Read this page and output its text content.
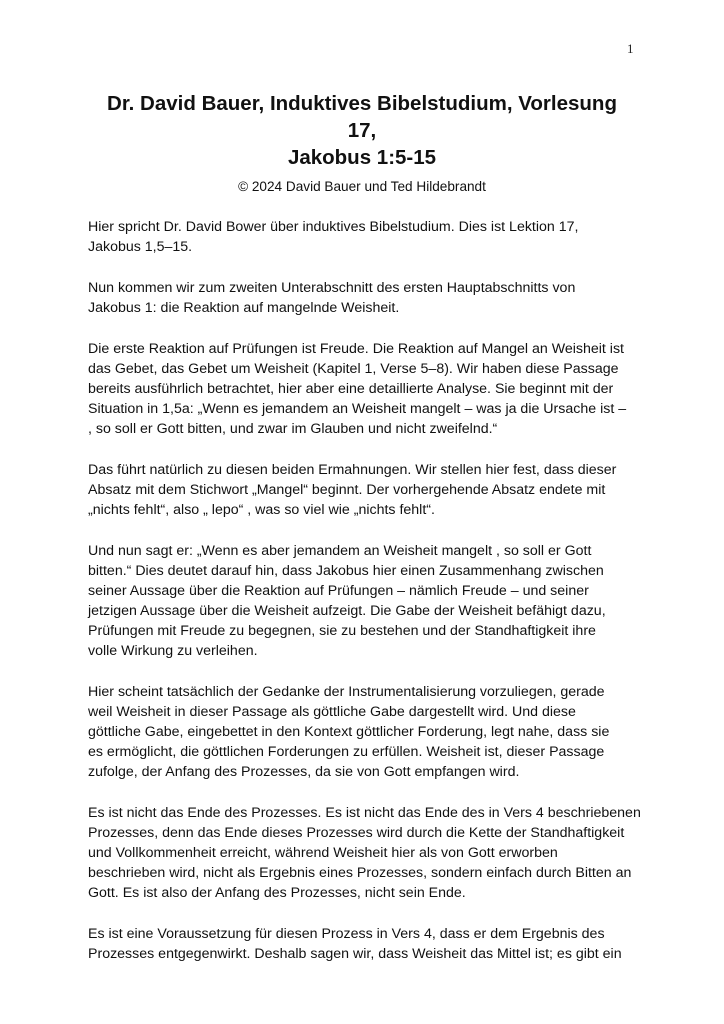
1
Dr. David Bauer, Induktives Bibelstudium, Vorlesung
17,
Jakobus 1:5-15
© 2024 David Bauer und Ted Hildebrandt

Hier spricht Dr. David Bower über induktives Bibelstudium. Dies ist Lektion 17,
Jakobus 1,5–15.

Nun kommen wir zum zweiten Unterabschnitt des ersten Hauptabschnitts von
Jakobus 1: die Reaktion auf mangelnde Weisheit.

Die erste Reaktion auf Prüfungen ist Freude. Die Reaktion auf Mangel an Weisheit ist
das Gebet, das Gebet um Weisheit (Kapitel 1, Verse 5–8). Wir haben diese Passage
bereits ausführlich betrachtet, hier aber eine detaillierte Analyse. Sie beginnt mit der
Situation in 1,5a: „Wenn es jemandem an Weisheit mangelt – was ja die Ursache ist –
, so soll er Gott bitten, und zwar im Glauben und nicht zweifelnd.“

Das führt natürlich zu diesen beiden Ermahnungen. Wir stellen hier fest, dass dieser
Absatz mit dem Stichwort „Mangel“ beginnt. Der vorhergehende Absatz endete mit
„nichts fehlt“, also „ lepo“ , was so viel wie „nichts fehlt“.

Und nun sagt er: „Wenn es aber jemandem an Weisheit mangelt , so soll er Gott
bitten.“ Dies deutet darauf hin, dass Jakobus hier einen Zusammenhang zwischen
seiner Aussage über die Reaktion auf Prüfungen – nämlich Freude – und seiner
jetzigen Aussage über die Weisheit aufzeigt. Die Gabe der Weisheit befähigt dazu,
Prüfungen mit Freude zu begegnen, sie zu bestehen und der Standhaftigkeit ihre
volle Wirkung zu verleihen.

Hier scheint tatsächlich der Gedanke der Instrumentalisierung vorzuliegen, gerade
weil Weisheit in dieser Passage als göttliche Gabe dargestellt wird. Und diese
göttliche Gabe, eingebettet in den Kontext göttlicher Forderung, legt nahe, dass sie
es ermöglicht, die göttlichen Forderungen zu erfüllen. Weisheit ist, dieser Passage
zufolge, der Anfang des Prozesses, da sie von Gott empfangen wird.

Es ist nicht das Ende des Prozesses. Es ist nicht das Ende des in Vers 4 beschriebenen
Prozesses, denn das Ende dieses Prozesses wird durch die Kette der Standhaftigkeit
und Vollkommenheit erreicht, während Weisheit hier als von Gott erworben
beschrieben wird, nicht als Ergebnis eines Prozesses, sondern einfach durch Bitten an
Gott. Es ist also der Anfang des Prozesses, nicht sein Ende.

Es ist eine Voraussetzung für diesen Prozess in Vers 4, dass er dem Ergebnis des
Prozesses entgegenwirkt. Deshalb sagen wir, dass Weisheit das Mittel ist; es gibt ein
